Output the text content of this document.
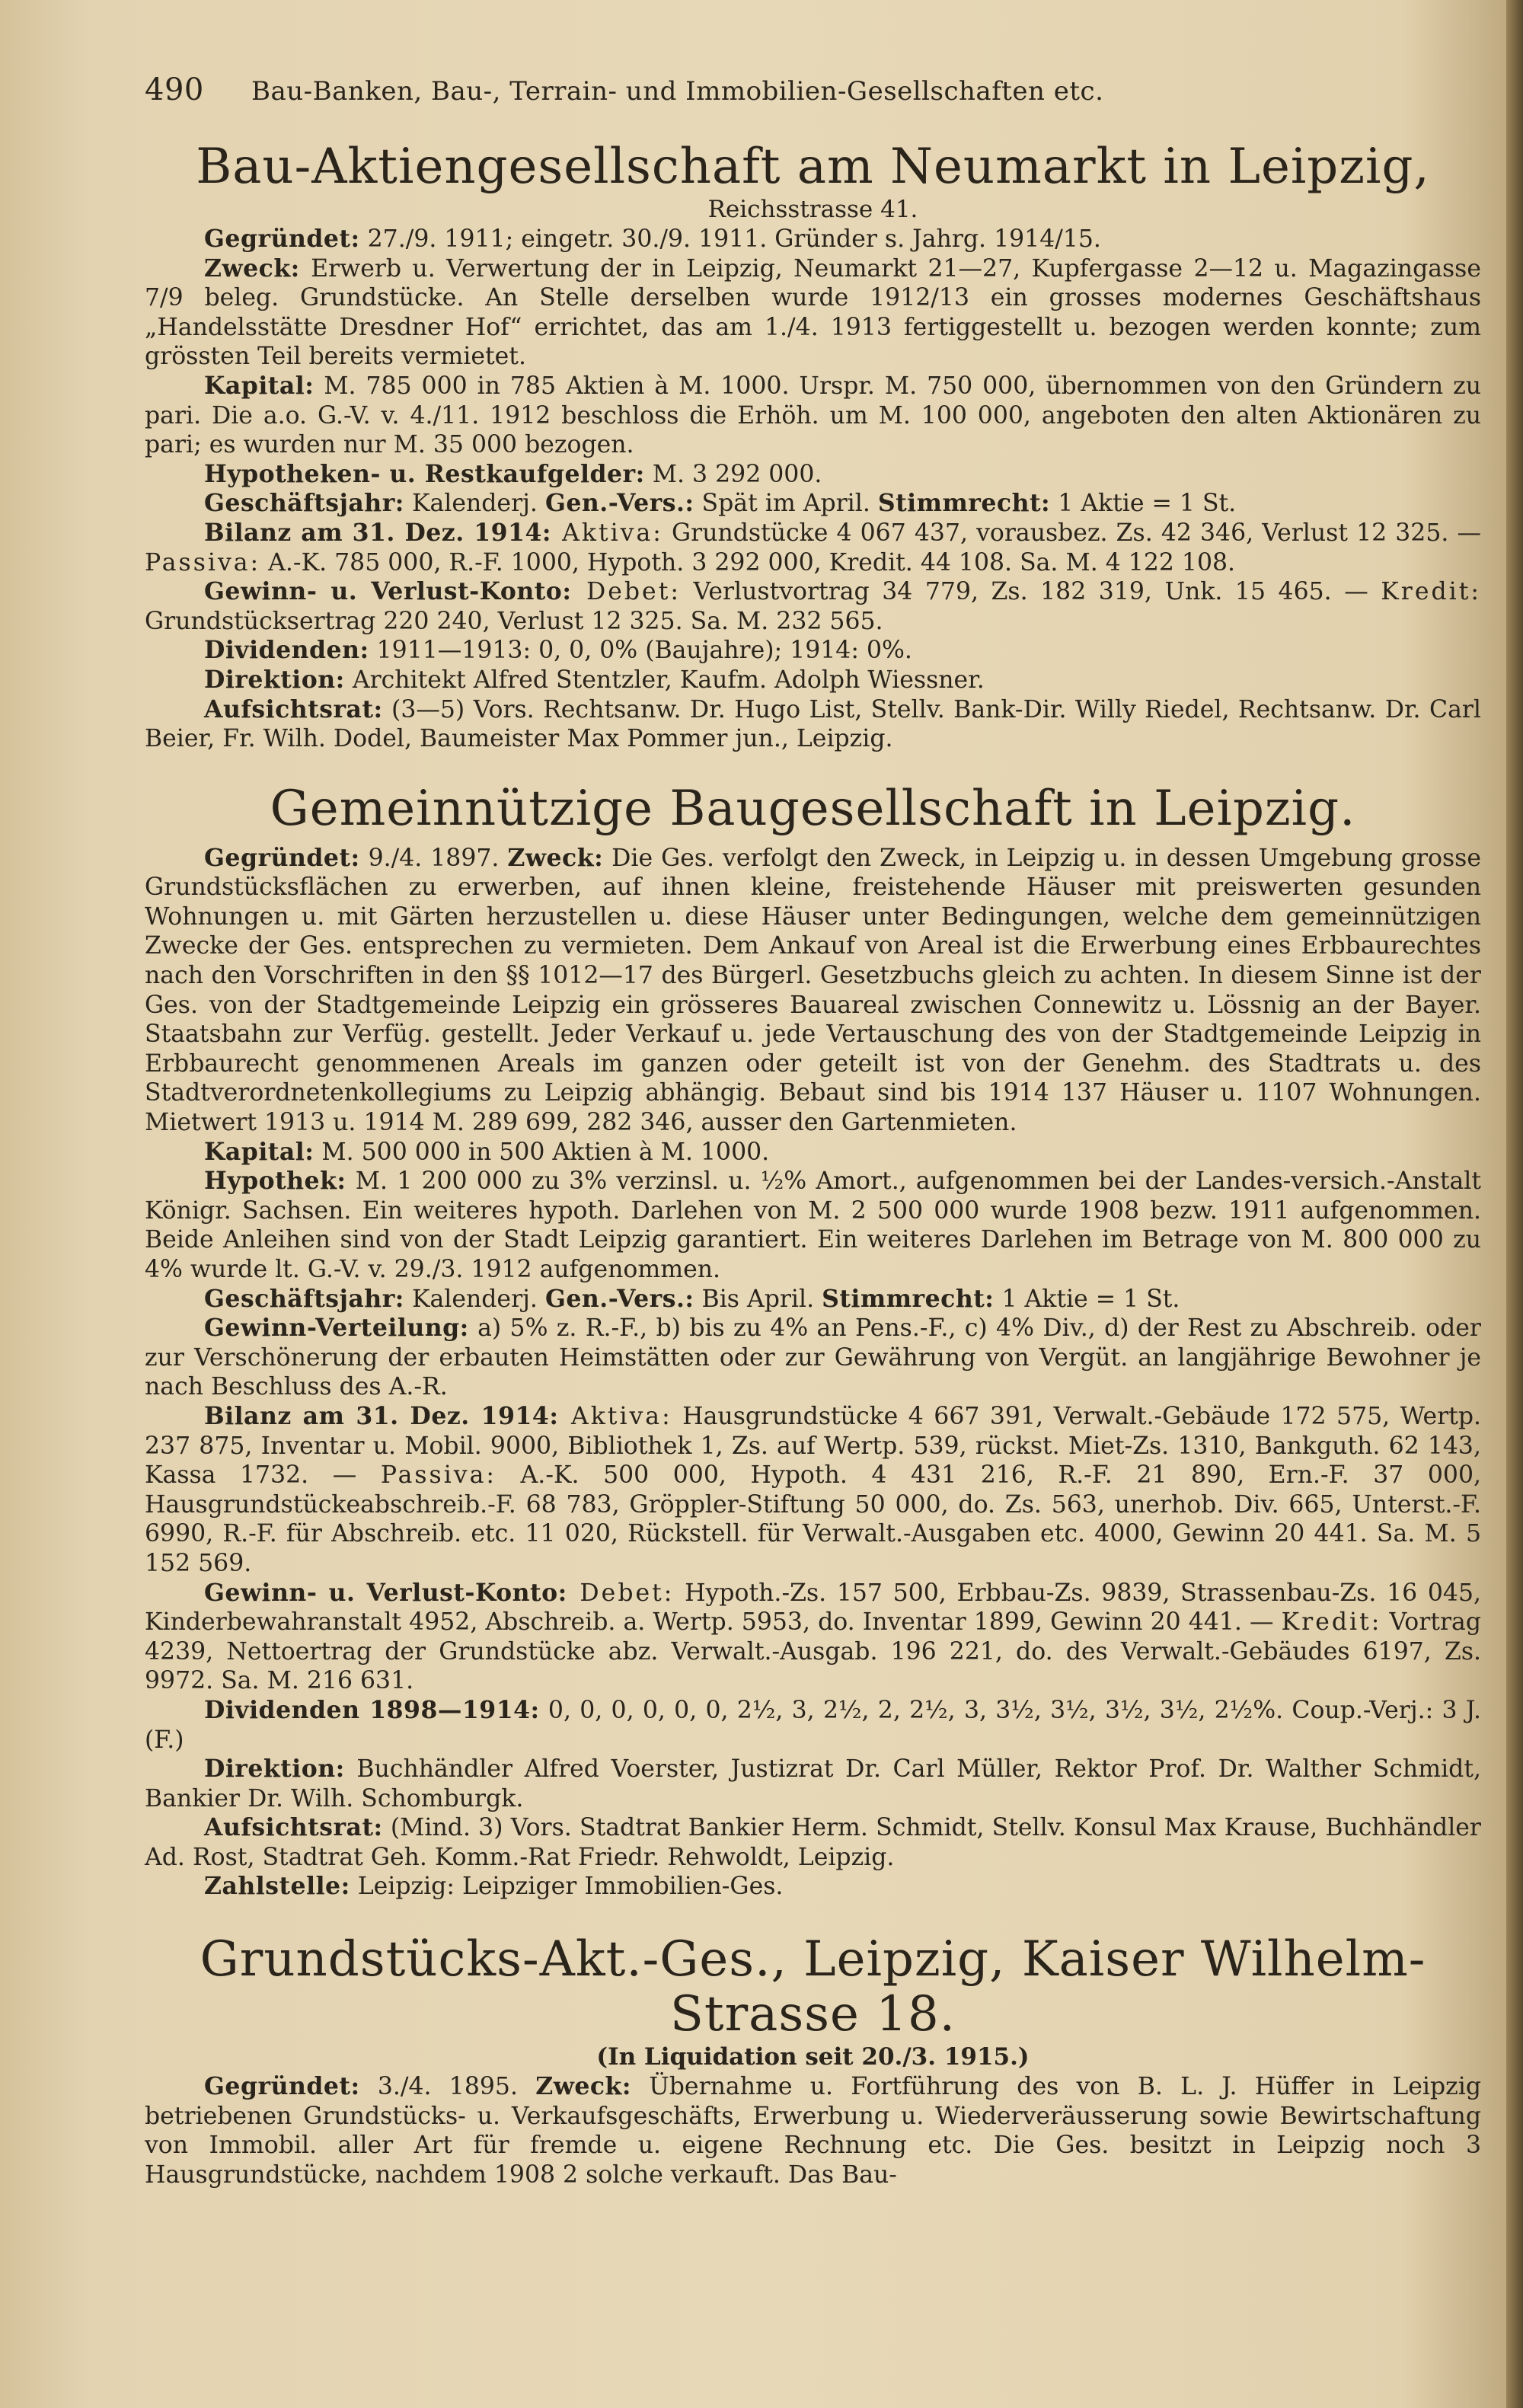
490	Bau-Banken, Bau-, Terrain- und Immobilien-Gesellschaften etc.
Bau-Aktiengesellschaft am Neumarkt in Leipzig,
Reichsstrasse 41.

Gegründet: 27./9. 1911; eingetr. 30./9. 1911. Gründer s. Jahrg. 1914/15.

Zweck: Erwerb u. Verwertung der in Leipzig, Neumarkt 21—27, Kupfergasse 2—12 u. Magazingasse 7/9 beleg. Grundstücke. An Stelle derselben wurde 1912/13 ein grosses modernes Geschäftshaus „Handelsstätte Dresdner Hof“ errichtet, das am 1./4. 1913 fertiggestellt u. bezogen werden konnte; zum grössten Teil bereits vermietet.

Kapital: M. 785 000 in 785 Aktien à M. 1000. Urspr. M. 750 000, übernommen von den Gründern zu pari. Die a.o. G.-V. v. 4./11. 1912 beschloss die Erhöh. um M. 100 000, angeboten den alten Aktionären zu pari; es wurden nur M. 35 000 bezogen.

Hypotheken- u. Restkaufgelder: M. 3 292 000.

Geschäftsjahr: Kalenderj. Gen.-Vers.: Spät im April. Stimmrecht: 1 Aktie = 1 St.

Bilanz am 31. Dez. 1914: Aktiva: Grundstücke 4 067 437, vorausbez. Zs. 42 346, Verlust 12 325. — Passiva: A.-K. 785 000, R.-F. 1000, Hypoth. 3 292 000, Kredit. 44 108. Sa. M. 4 122 108.

Gewinn- u. Verlust-Konto: Debet: Verlustvortrag 34 779, Zs. 182 319, Unk. 15 465. — Kredit: Grundstücksertrag 220 240, Verlust 12 325. Sa. M. 232 565.

Dividenden: 1911—1913: 0, 0, 0% (Baujahre); 1914: 0%.

Direktion: Architekt Alfred Stentzler, Kaufm. Adolph Wiessner.

Aufsichtsrat: (3—5) Vors. Rechtsanw. Dr. Hugo List, Stellv. Bank-Dir. Willy Riedel, Rechtsanw. Dr. Carl Beier, Fr. Wilh. Dodel, Baumeister Max Pommer jun., Leipzig.

Gemeinnützige Baugesellschaft in Leipzig.

Gegründet: 9./4. 1897. Zweck: Die Ges. verfolgt den Zweck, in Leipzig u. in dessen Umgebung grosse Grundstücksflächen zu erwerben, auf ihnen kleine, freistehende Häuser mit preiswerten gesunden Wohnungen u. mit Gärten herzustellen u. diese Häuser unter Bedingungen, welche dem gemeinnützigen Zwecke der Ges. entsprechen zu vermieten. Dem Ankauf von Areal ist die Erwerbung eines Erbbaurechtes nach den Vorschriften in den §§ 1012—17 des Bürgerl. Gesetzbuchs gleich zu achten. In diesem Sinne ist der Ges. von der Stadtgemeinde Leipzig ein grösseres Bauareal zwischen Connewitz u. Lössnig an der Bayer. Staatsbahn zur Verfüg. gestellt. Jeder Verkauf u. jede Vertauschung des von der Stadtgemeinde Leipzig in Erbbaurecht genommenen Areals im ganzen oder geteilt ist von der Genehm. des Stadtrats u. des Stadtverordnetenkollegiums zu Leipzig abhängig. Bebaut sind bis 1914 137 Häuser u. 1107 Wohnungen. Mietwert 1913 u. 1914 M. 289 699, 282 346, ausser den Gartenmieten.

Kapital: M. 500 000 in 500 Aktien à M. 1000.

Hypothek: M. 1 200 000 zu 3% verzinsl. u. ½% Amort., aufgenommen bei der Landes-versich.-Anstalt Königr. Sachsen. Ein weiteres hypoth. Darlehen von M. 2 500 000 wurde 1908 bezw. 1911 aufgenommen. Beide Anleihen sind von der Stadt Leipzig garantiert. Ein weiteres Darlehen im Betrage von M. 800 000 zu 4% wurde lt. G.-V. v. 29./3. 1912 aufgenommen.

Geschäftsjahr: Kalenderj. Gen.-Vers.: Bis April. Stimmrecht: 1 Aktie = 1 St.

Gewinn-Verteilung: a) 5% z. R.-F., b) bis zu 4% an Pens.-F., c) 4% Div., d) der Rest zu Abschreib. oder zur Verschönerung der erbauten Heimstätten oder zur Gewährung von Vergüt. an langjährige Bewohner je nach Beschluss des A.-R.

Bilanz am 31. Dez. 1914: Aktiva: Hausgrundstücke 4 667 391, Verwalt.-Gebäude 172 575, Wertp. 237 875, Inventar u. Mobil. 9000, Bibliothek 1, Zs. auf Wertp. 539, rückst. Miet-Zs. 1310, Bankguth. 62 143, Kassa 1732. — Passiva: A.-K. 500 000, Hypoth. 4 431 216, R.-F. 21 890, Ern.-F. 37 000, Hausgrundstückeabschreib.-F. 68 783, Gröppler-Stiftung 50 000, do. Zs. 563, unerhob. Div. 665, Unterst.-F. 6990, R.-F. für Abschreib. etc. 11 020, Rückstell. für Verwalt.-Ausgaben etc. 4000, Gewinn 20 441. Sa. M. 5 152 569.

Gewinn- u. Verlust-Konto: Debet: Hypoth.-Zs. 157 500, Erbbau-Zs. 9839, Strassenbau-Zs. 16 045, Kinderbewahranstalt 4952, Abschreib. a. Wertp. 5953, do. Inventar 1899, Gewinn 20 441. — Kredit: Vortrag 4239, Nettoertrag der Grundstücke abz. Verwalt.-Ausgab. 196 221, do. des Verwalt.-Gebäudes 6197, Zs. 9972. Sa. M. 216 631.

Dividenden 1898—1914: 0, 0, 0, 0, 0, 0, 2½, 3, 2½, 2, 2½, 3, 3½, 3½, 3½, 3½, 2½%. Coup.-Verj.: 3 J. (F.)

Direktion: Buchhändler Alfred Voerster, Justizrat Dr. Carl Müller, Rektor Prof. Dr. Walther Schmidt, Bankier Dr. Wilh. Schomburgk.

Aufsichtsrat: (Mind. 3) Vors. Stadtrat Bankier Herm. Schmidt, Stellv. Konsul Max Krause, Buchhändler Ad. Rost, Stadtrat Geh. Komm.-Rat Friedr. Rehwoldt, Leipzig.

Zahlstelle: Leipzig: Leipziger Immobilien-Ges.

Grundstücks-Akt.-Ges., Leipzig, Kaiser Wilhelm-Strasse 18.
(In Liquidation seit 20./3. 1915.)

Gegründet: 3./4. 1895. Zweck: Übernahme u. Fortführung des von B. L. J. Hüffer in Leipzig betriebenen Grundstücks- u. Verkaufsgeschäfts, Erwerbung u. Wiederveräusserung sowie Bewirtschaftung von Immobil. aller Art für fremde u. eigene Rechnung etc. Die Ges. besitzt in Leipzig noch 3 Hausgrundstücke, nachdem 1908 2 solche verkauft. Das Bau-
